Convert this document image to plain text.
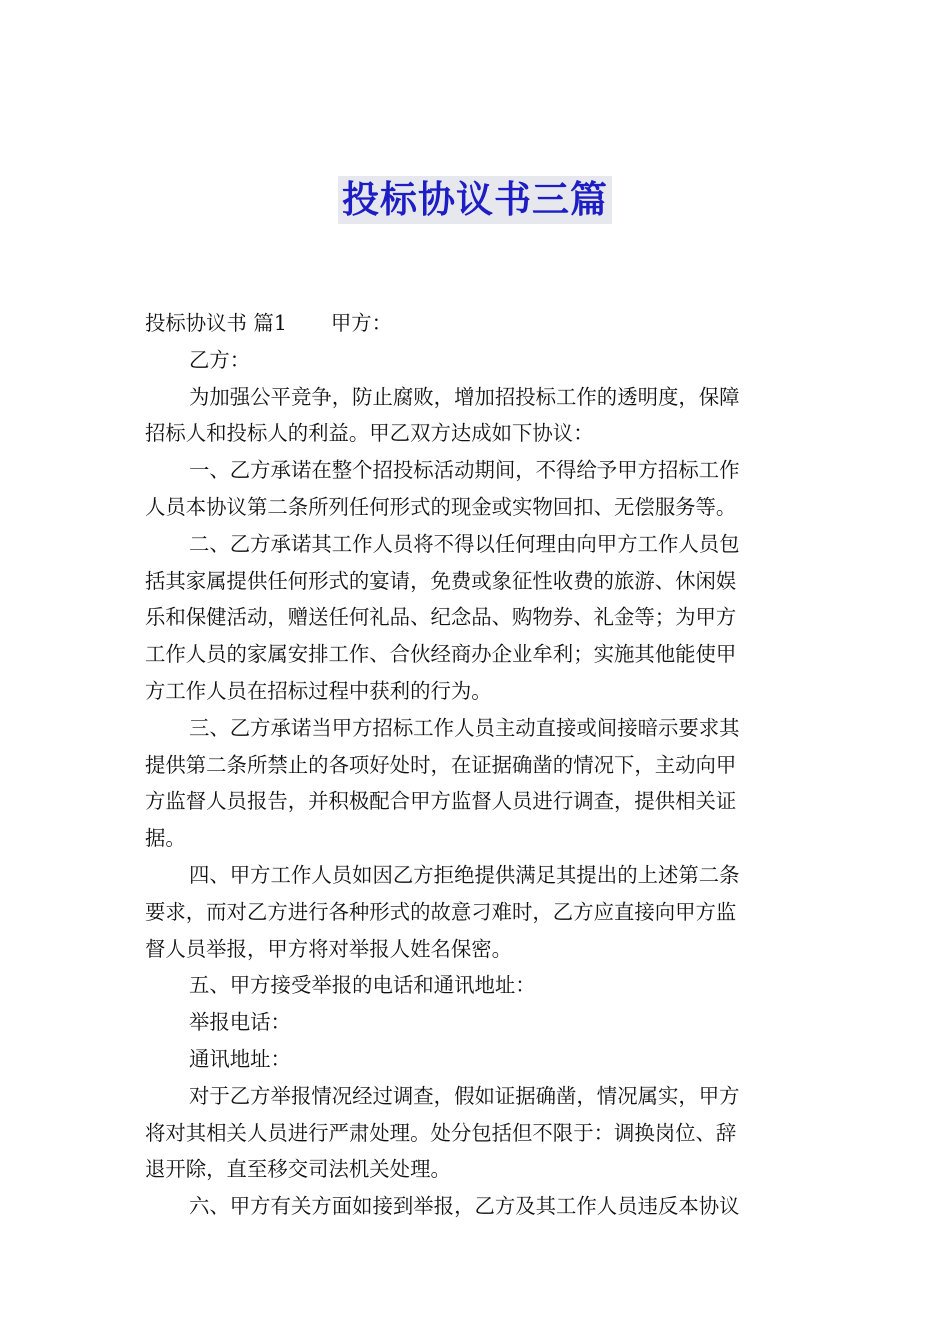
投标协议书三篇
投标协议书 篇1 甲方：
乙方：
为加强公平竞争，防止腐败，增加招投标工作的透明度，保障
招标人和投标人的利益。甲乙双方达成如下协议：
一、乙方承诺在整个招投标活动期间，不得给予甲方招标工作
人员本协议第二条所列任何形式的现金或实物回扣、无偿服务等。
二、乙方承诺其工作人员将不得以任何理由向甲方工作人员包
括其家属提供任何形式的宴请，免费或象征性收费的旅游、休闲娱
乐和保健活动，赠送任何礼品、纪念品、购物券、礼金等；为甲方
工作人员的家属安排工作、合伙经商办企业牟利；实施其他能使甲
方工作人员在招标过程中获利的行为。
三、乙方承诺当甲方招标工作人员主动直接或间接暗示要求其
提供第二条所禁止的各项好处时，在证据确凿的情况下，主动向甲
方监督人员报告，并积极配合甲方监督人员进行调查，提供相关证
据。
四、甲方工作人员如因乙方拒绝提供满足其提出的上述第二条
要求，而对乙方进行各种形式的故意刁难时，乙方应直接向甲方监
督人员举报，甲方将对举报人姓名保密。
五、甲方接受举报的电话和通讯地址：
举报电话：
通讯地址：
对于乙方举报情况经过调查，假如证据确凿，情况属实，甲方
将对其相关人员进行严肃处理。处分包括但不限于：调换岗位、辞
退开除，直至移交司法机关处理。
六、甲方有关方面如接到举报，乙方及其工作人员违反本协议
